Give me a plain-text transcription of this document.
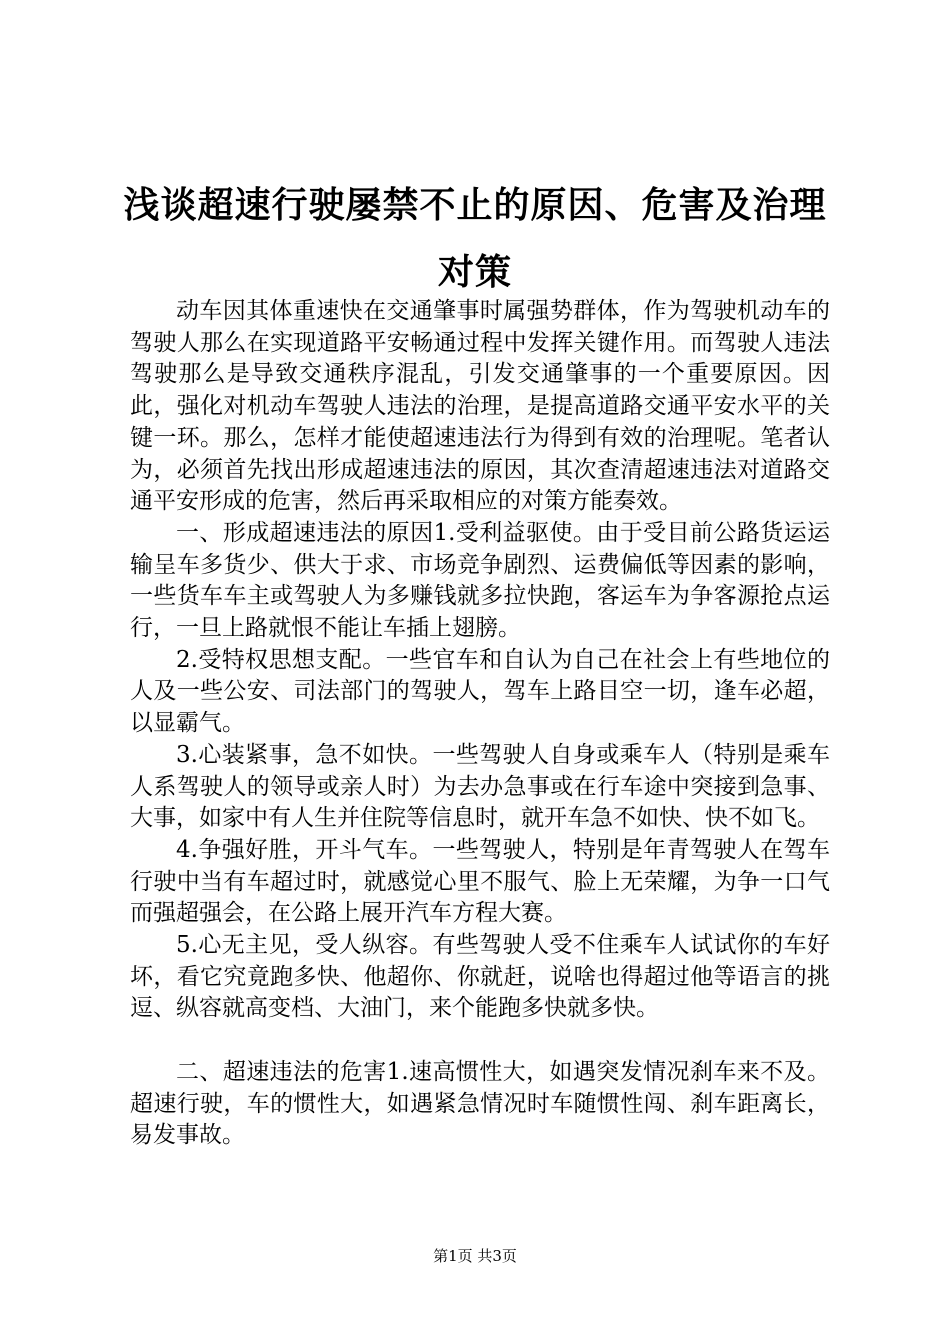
浅谈超速行驶屡禁不止的原因、危害及治理对策

动车因其体重速快在交通肇事时属强势群体，作为驾驶机动车的驾驶人那么在实现道路平安畅通过程中发挥关键作用。而驾驶人违法驾驶那么是导致交通秩序混乱，引发交通肇事的一个重要原因。因此，强化对机动车驾驶人违法的治理，是提高道路交通平安水平的关键一环。那么，怎样才能使超速违法行为得到有效的治理呢。笔者认为，必须首先找出形成超速违法的原因，其次查清超速违法对道路交通平安形成的危害，然后再采取相应的对策方能奏效。

一、形成超速违法的原因1.受利益驱使。由于受目前公路货运运输呈车多货少、供大于求、市场竞争剧烈、运费偏低等因素的影响，一些货车车主或驾驶人为多赚钱就多拉快跑，客运车为争客源抢点运行，一旦上路就恨不能让车插上翅膀。

2.受特权思想支配。一些官车和自认为自己在社会上有些地位的人及一些公安、司法部门的驾驶人，驾车上路目空一切，逢车必超，以显霸气。

3.心装紧事，急不如快。一些驾驶人自身或乘车人（特别是乘车人系驾驶人的领导或亲人时）为去办急事或在行车途中突接到急事、大事，如家中有人生并住院等信息时，就开车急不如快、快不如飞。

4.争强好胜，开斗气车。一些驾驶人，特别是年青驾驶人在驾车行驶中当有车超过时，就感觉心里不服气、脸上无荣耀，为争一口气而强超强会，在公路上展开汽车方程大赛。

5.心无主见，受人纵容。有些驾驶人受不住乘车人试试你的车好坏，看它究竟跑多快、他超你、你就赶，说啥也得超过他等语言的挑逗、纵容就高变档、大油门，来个能跑多快就多快。

二、超速违法的危害1.速高惯性大，如遇突发情况刹车来不及。超速行驶，车的惯性大，如遇紧急情况时车随惯性闯、刹车距离长，易发事故。

第1页 共3页
